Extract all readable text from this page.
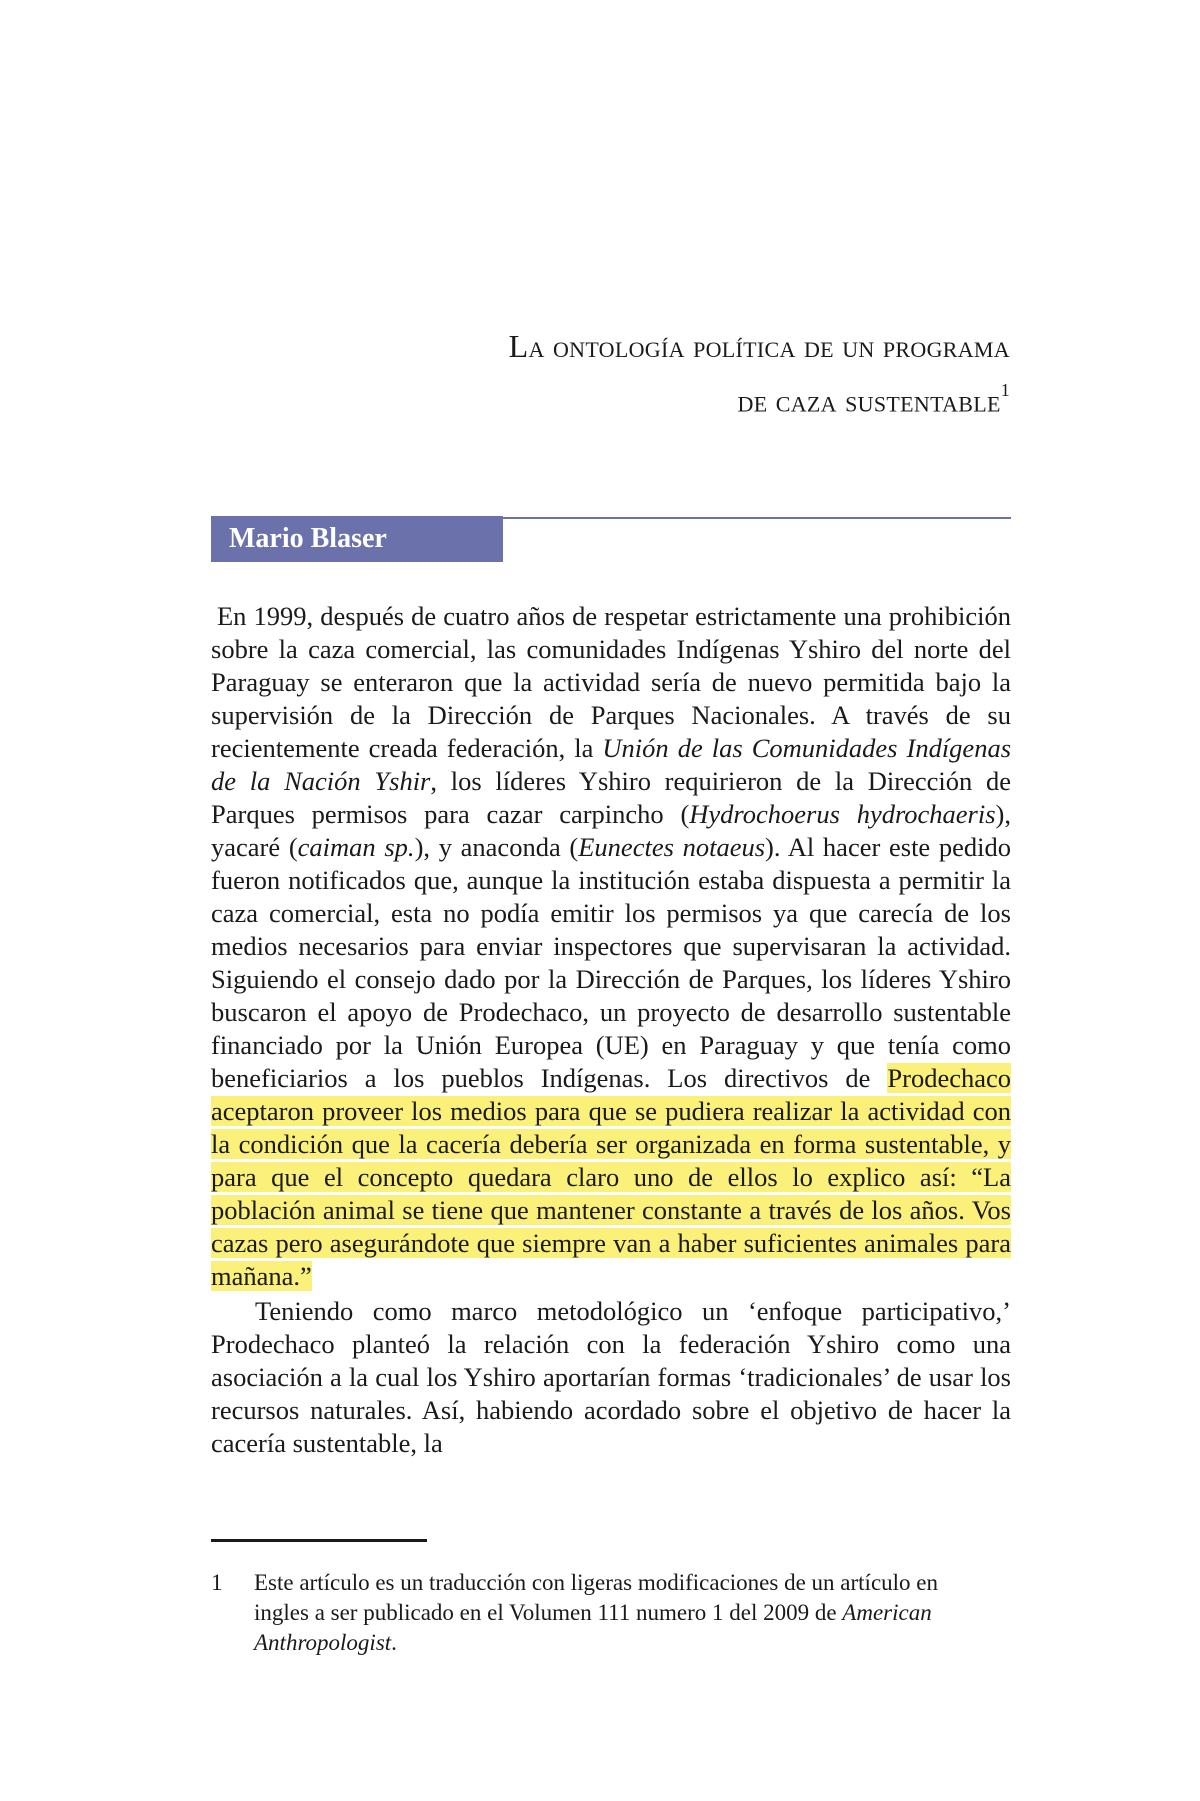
La ontología política de un programa
de caza sustentable$^1$
Mario Blaser

En 1999, después de cuatro años de respetar estrictamente una prohibición sobre la caza comercial, las comunidades Indígenas Yshiro del norte del Paraguay se enteraron que la actividad sería de nuevo permitida bajo la supervisión de la Dirección de Parques Nacionales. A través de su recientemente creada federación, la Unión de las Comunidades Indígenas de la Nación Yshir, los líderes Yshiro requirieron de la Dirección de Parques permisos para cazar carpincho (Hydrochoerus hydrochaeris), yacaré (caiman sp.), y anaconda (Eunectes notaeus). Al hacer este pedido fueron notificados que, aunque la institución estaba dispuesta a permitir la caza comercial, esta no podía emitir los permisos ya que carecía de los medios necesarios para enviar inspectores que supervisaran la actividad. Siguiendo el consejo dado por la Dirección de Parques, los líderes Yshiro buscaron el apoyo de Prodechaco, un proyecto de desarrollo sustentable financiado por la Unión Europea (UE) en Paraguay y que tenía como beneficiarios a los pueblos Indígenas. Los directivos de Prodechaco aceptaron proveer los medios para que se pudiera realizar la actividad con la condición que la cacería debería ser organizada en forma sustentable, y para que el concepto quedara claro uno de ellos lo explico así: “La población animal se tiene que mantener constante a través de los años. Vos cazas pero asegurándote que siempre van a haber suficientes animales para mañana.”

Teniendo como marco metodológico un ‘enfoque participativo,’ Prodechaco planteó la relación con la federación Yshiro como una asociación a la cual los Yshiro aportarían formas ‘tradicionales’ de usar los recursos naturales. Así, habiendo acordado sobre el objetivo de hacer la cacería sustentable, la

1 Este artículo es un traducción con ligeras modificaciones de un artículo en ingles a ser publicado en el Volumen 111 numero 1 del 2009 de American Anthropologist.
